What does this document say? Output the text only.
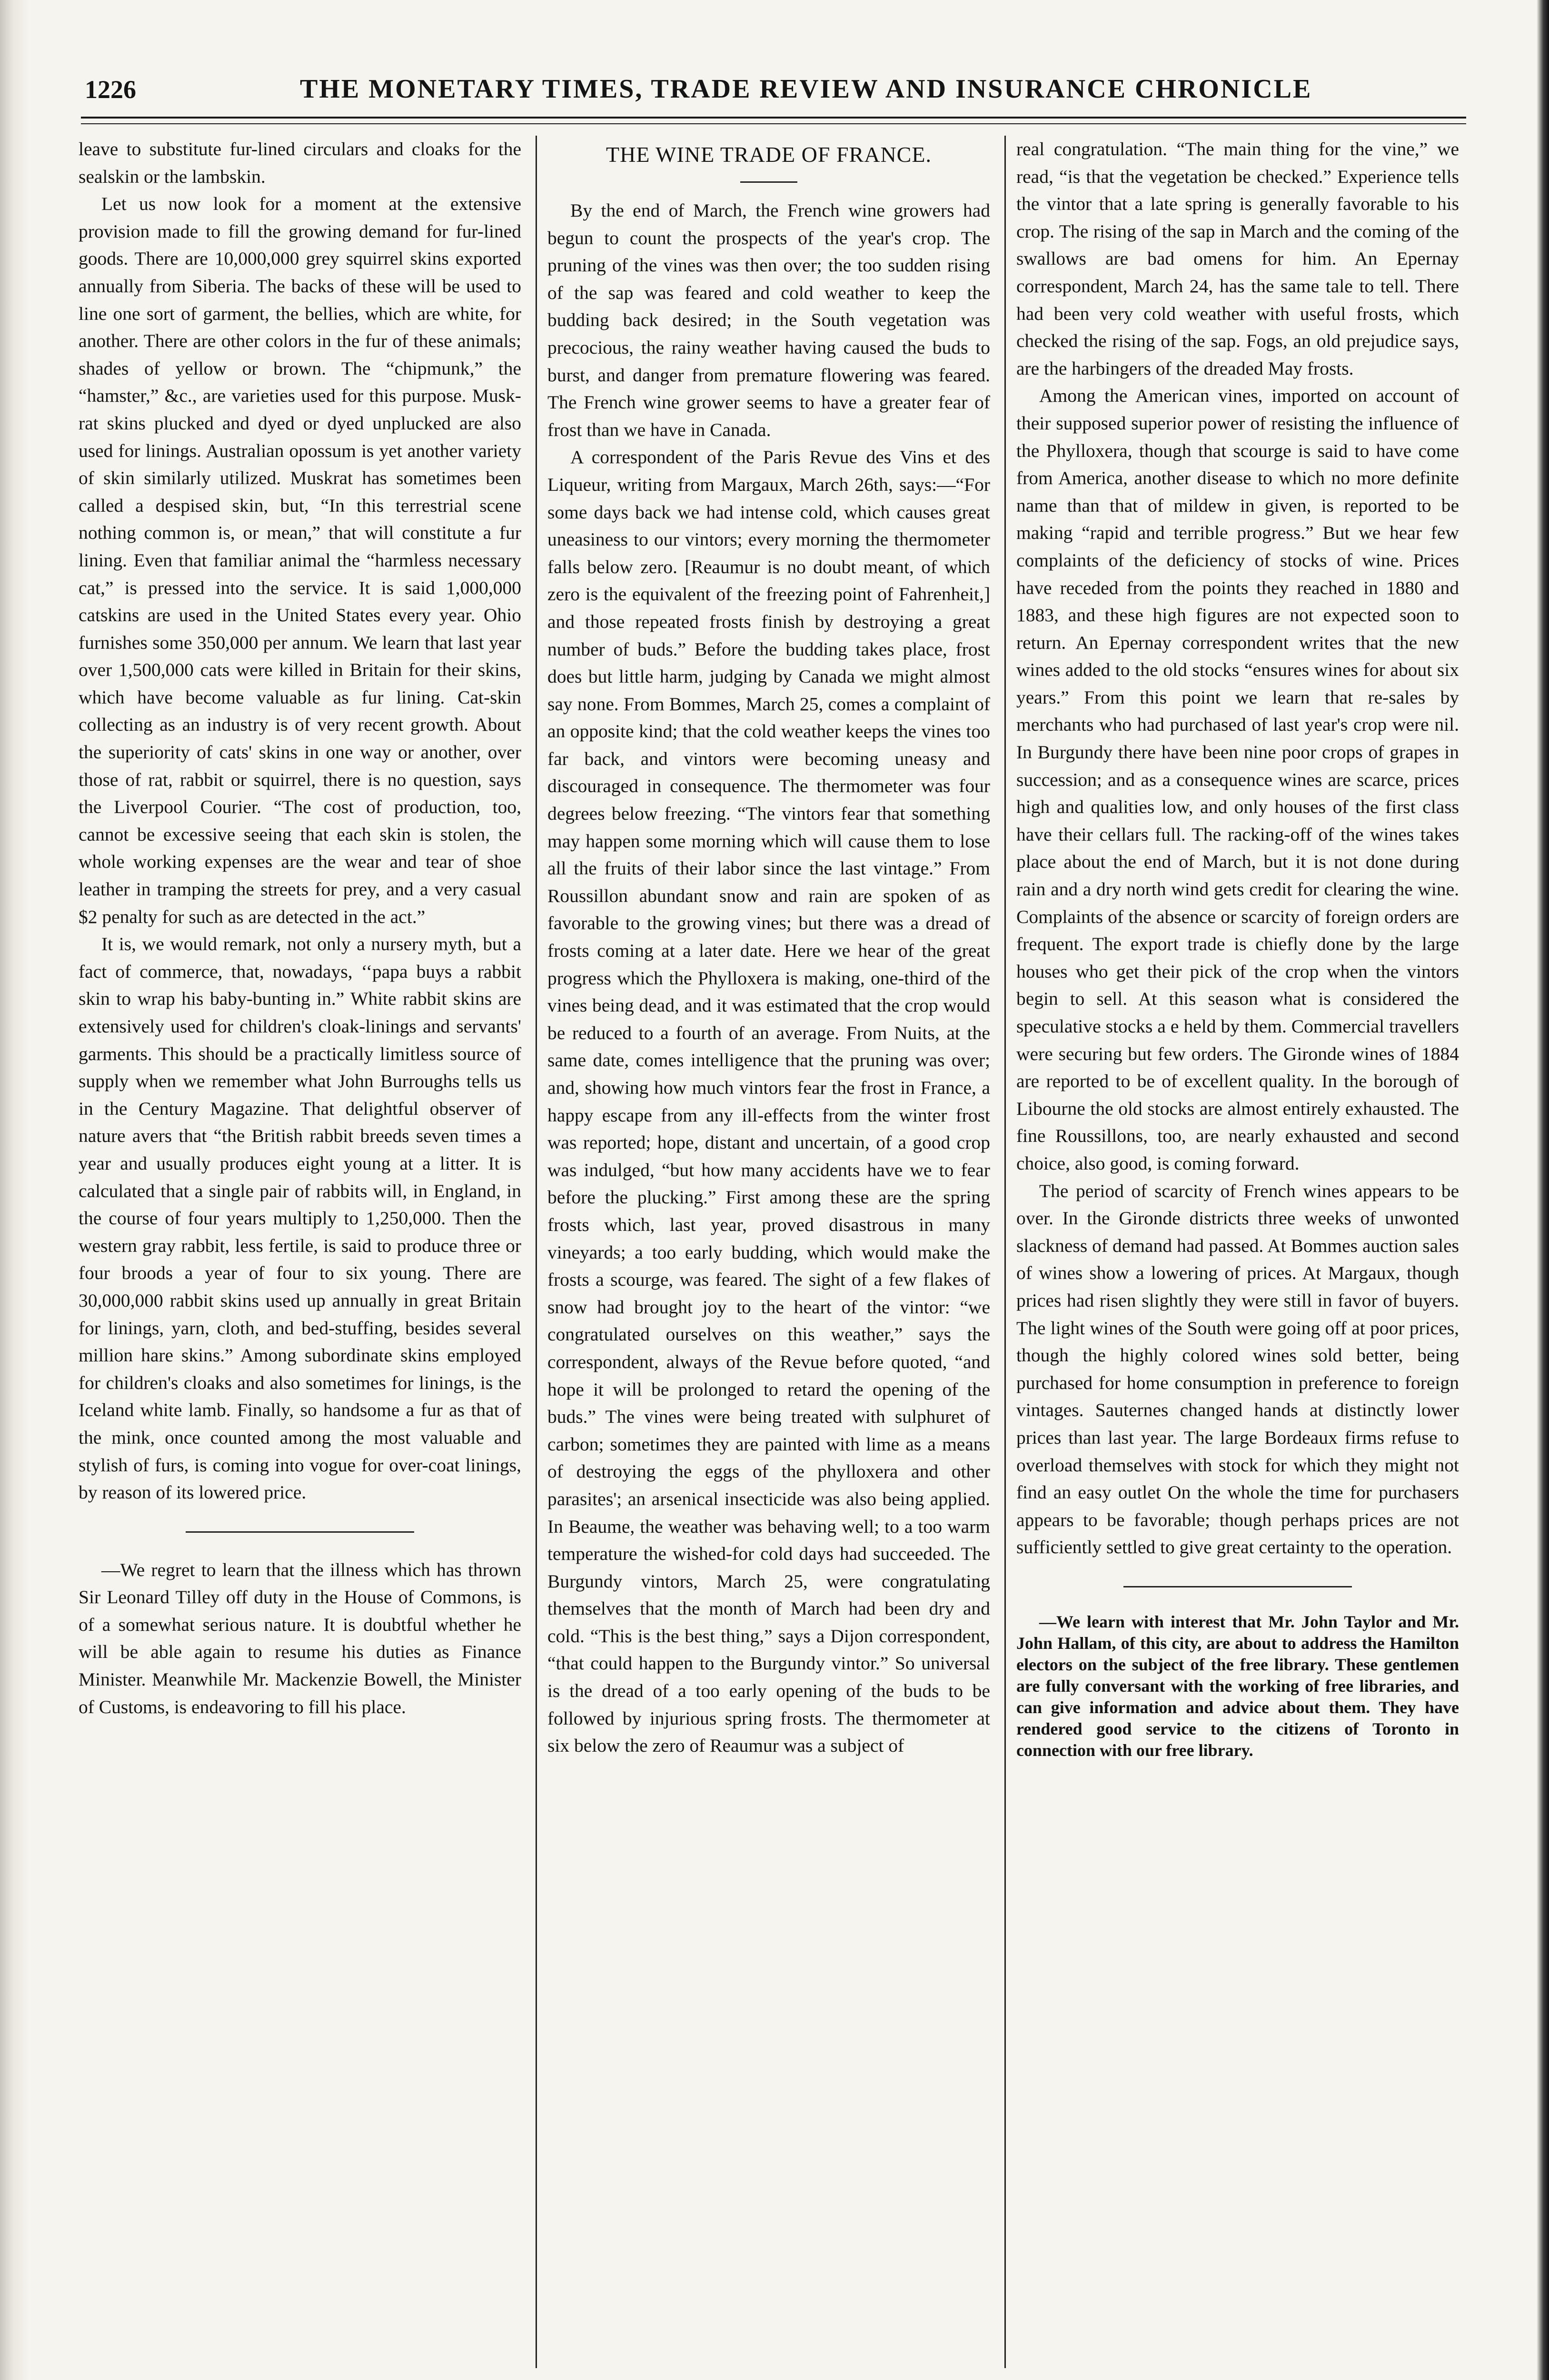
1226	THE MONETARY TIMES, TRADE REVIEW AND INSURANCE CHRONICLE

leave to substitute fur-lined circulars and cloaks for the sealskin or the lambskin.

Let us now look for a moment at the extensive provision made to fill the growing demand for fur-lined goods. There are 10,000,000 grey squirrel skins exported annually from Siberia. The backs of these will be used to line one sort of garment, the bellies, which are white, for another. There are other colors in the fur of these animals; shades of yellow or brown. The “chipmunk,” the “hamster,” &c., are varieties used for this purpose. Musk-rat skins plucked and dyed or dyed unplucked are also used for linings. Australian opossum is yet another variety of skin similarly utilized. Muskrat has sometimes been called a despised skin, but, “In this terrestrial scene nothing common is, or mean,” that will constitute a fur lining. Even that familiar animal the “harmless necessary cat,” is pressed into the service. It is said 1,000,000 catskins are used in the United States every year. Ohio furnishes some 350,000 per annum. We learn that last year over 1,500,000 cats were killed in Britain for their skins, which have become valuable as fur lining. Cat-skin collecting as an industry is of very recent growth. About the superiority of cats' skins in one way or another, over those of rat, rabbit or squirrel, there is no question, says the Liverpool Courier. “The cost of production, too, cannot be excessive seeing that each skin is stolen, the whole working expenses are the wear and tear of shoe leather in tramping the streets for prey, and a very casual $2 penalty for such as are detected in the act.”

It is, we would remark, not only a nursery myth, but a fact of commerce, that, nowadays, ‘‘papa buys a rabbit skin to wrap his baby-bunting in.” White rabbit skins are extensively used for children's cloak-linings and servants' garments. This should be a practically limitless source of supply when we remember what John Burroughs tells us in the Century Magazine. That delightful observer of nature avers that “the British rabbit breeds seven times a year and usually produces eight young at a litter. It is calculated that a single pair of rabbits will, in England, in the course of four years multiply to 1,250,000. Then the western gray rabbit, less fertile, is said to produce three or four broods a year of four to six young. There are 30,000,000 rabbit skins used up annually in great Britain for linings, yarn, cloth, and bed-stuffing, besides several million hare skins.” Among subordinate skins employed for children's cloaks and also sometimes for linings, is the Iceland white lamb. Finally, so handsome a fur as that of the mink, once counted among the most valuable and stylish of furs, is coming into vogue for over-coat linings, by reason of its lowered price.

—We regret to learn that the illness which has thrown Sir Leonard Tilley off duty in the House of Commons, is of a somewhat serious nature. It is doubtful whether he will be able again to resume his duties as Finance Minister. Meanwhile Mr. Mackenzie Bowell, the Minister of Customs, is endeavoring to fill his place.

THE WINE TRADE OF FRANCE.

By the end of March, the French wine growers had begun to count the prospects of the year's crop. The pruning of the vines was then over; the too sudden rising of the sap was feared and cold weather to keep the budding back desired; in the South vegetation was precocious, the rainy weather having caused the buds to burst, and danger from premature flowering was feared. The French wine grower seems to have a greater fear of frost than we have in Canada.

A correspondent of the Paris Revue des Vins et des Liqueur, writing from Margaux, March 26th, says:—“For some days back we had intense cold, which causes great uneasiness to our vintors; every morning the thermometer falls below zero. [Reaumur is no doubt meant, of which zero is the equivalent of the freezing point of Fahrenheit,] and those repeated frosts finish by destroying a great number of buds.” Before the budding takes place, frost does but little harm, judging by Canada we might almost say none. From Bommes, March 25, comes a complaint of an opposite kind; that the cold weather keeps the vines too far back, and vintors were becoming uneasy and discouraged in consequence. The thermometer was four degrees below freezing. “The vintors fear that something may happen some morning which will cause them to lose all the fruits of their labor since the last vintage.” From Roussillon abundant snow and rain are spoken of as favorable to the growing vines; but there was a dread of frosts coming at a later date. Here we hear of the great progress which the Phylloxera is making, one-third of the vines being dead, and it was estimated that the crop would be reduced to a fourth of an average. From Nuits, at the same date, comes intelligence that the pruning was over; and, showing how much vintors fear the frost in France, a happy escape from any ill-effects from the winter frost was reported; hope, distant and uncertain, of a good crop was indulged, “but how many accidents have we to fear before the plucking.” First among these are the spring frosts which, last year, proved disastrous in many vineyards; a too early budding, which would make the frosts a scourge, was feared. The sight of a few flakes of snow had brought joy to the heart of the vintor: “we congratulated ourselves on this weather,” says the correspondent, always of the Revue before quoted, “and hope it will be prolonged to retard the opening of the buds.” The vines were being treated with sulphuret of carbon; sometimes they are painted with lime as a means of destroying the eggs of the phylloxera and other parasites'; an arsenical insecticide was also being applied. In Beaume, the weather was behaving well; to a too warm temperature the wished-for cold days had succeeded. The Burgundy vintors, March 25, were congratulating themselves that the month of March had been dry and cold. “This is the best thing,” says a Dijon correspondent, “that could happen to the Burgundy vintor.” So universal is the dread of a too early opening of the buds to be followed by injurious spring frosts. The thermometer at six below the zero of Reaumur was a subject of

real congratulation. “The main thing for the vine,” we read, “is that the vegetation be checked.” Experience tells the vintor that a late spring is generally favorable to his crop. The rising of the sap in March and the coming of the swallows are bad omens for him. An Epernay correspondent, March 24, has the same tale to tell. There had been very cold weather with useful frosts, which checked the rising of the sap. Fogs, an old prejudice says, are the harbingers of the dreaded May frosts.

Among the American vines, imported on account of their supposed superior power of resisting the influence of the Phylloxera, though that scourge is said to have come from America, another disease to which no more definite name than that of mildew in given, is reported to be making “rapid and terrible progress.” But we hear few complaints of the deficiency of stocks of wine. Prices have receded from the points they reached in 1880 and 1883, and these high figures are not expected soon to return. An Epernay correspondent writes that the new wines added to the old stocks “ensures wines for about six years.” From this point we learn that re-sales by merchants who had purchased of last year's crop were nil. In Burgundy there have been nine poor crops of grapes in succession; and as a consequence wines are scarce, prices high and qualities low, and only houses of the first class have their cellars full. The racking-off of the wines takes place about the end of March, but it is not done during rain and a dry north wind gets credit for clearing the wine. Complaints of the absence or scarcity of foreign orders are frequent. The export trade is chiefly done by the large houses who get their pick of the crop when the vintors begin to sell. At this season what is considered the speculative stocks a e held by them. Commercial travellers were securing but few orders. The Gironde wines of 1884 are reported to be of excellent quality. In the borough of Libourne the old stocks are almost entirely exhausted. The fine Roussillons, too, are nearly exhausted and second choice, also good, is coming forward.

The period of scarcity of French wines appears to be over. In the Gironde districts three weeks of unwonted slackness of demand had passed. At Bommes auction sales of wines show a lowering of prices. At Margaux, though prices had risen slightly they were still in favor of buyers. The light wines of the South were going off at poor prices, though the highly colored wines sold better, being purchased for home consumption in preference to foreign vintages. Sauternes changed hands at distinctly lower prices than last year. The large Bordeaux firms refuse to overload themselves with stock for which they might not find an easy outlet On the whole the time for purchasers appears to be favorable; though perhaps prices are not sufficiently settled to give great certainty to the operation.

—We learn with interest that Mr. John Taylor and Mr. John Hallam, of this city, are about to address the Hamilton electors on the subject of the free library. These gentlemen are fully conversant with the working of free libraries, and can give information and advice about them. They have rendered good service to the citizens of Toronto in connection with our free library.
